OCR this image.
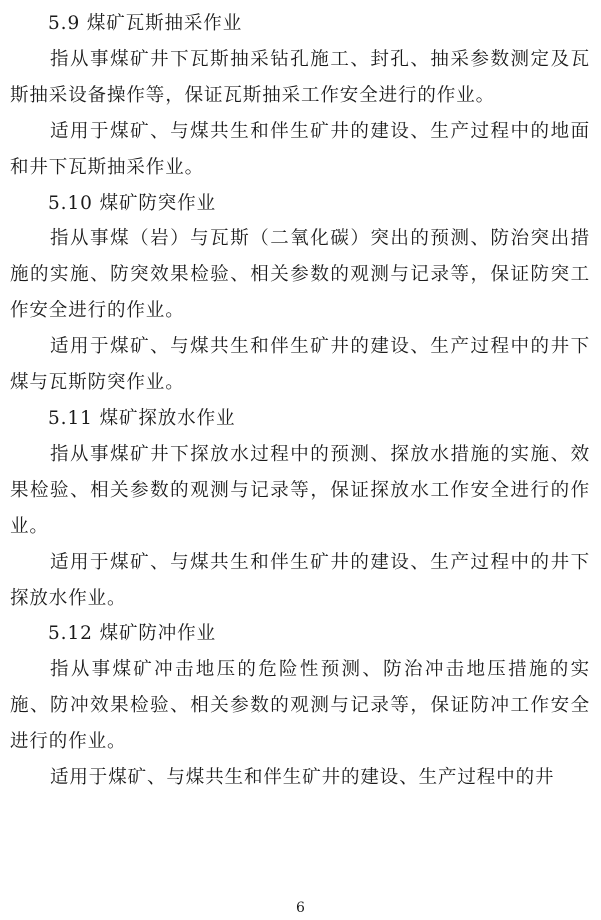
5.9 煤矿瓦斯抽采作业

指从事煤矿井下瓦斯抽采钻孔施工、封孔、抽采参数测定及瓦斯抽采设备操作等，保证瓦斯抽采工作安全进行的作业。

适用于煤矿、与煤共生和伴生矿井的建设、生产过程中的地面和井下瓦斯抽采作业。

5.10 煤矿防突作业

指从事煤（岩）与瓦斯（二氧化碳）突出的预测、防治突出措施的实施、防突效果检验、相关参数的观测与记录等，保证防突工作安全进行的作业。

适用于煤矿、与煤共生和伴生矿井的建设、生产过程中的井下煤与瓦斯防突作业。

5.11 煤矿探放水作业

指从事煤矿井下探放水过程中的预测、探放水措施的实施、效果检验、相关参数的观测与记录等，保证探放水工作安全进行的作业。

适用于煤矿、与煤共生和伴生矿井的建设、生产过程中的井下探放水作业。

5.12 煤矿防冲作业

指从事煤矿冲击地压的危险性预测、防治冲击地压措施的实施、防冲效果检验、相关参数的观测与记录等，保证防冲工作安全进行的作业。

适用于煤矿、与煤共生和伴生矿井的建设、生产过程中的井

6
